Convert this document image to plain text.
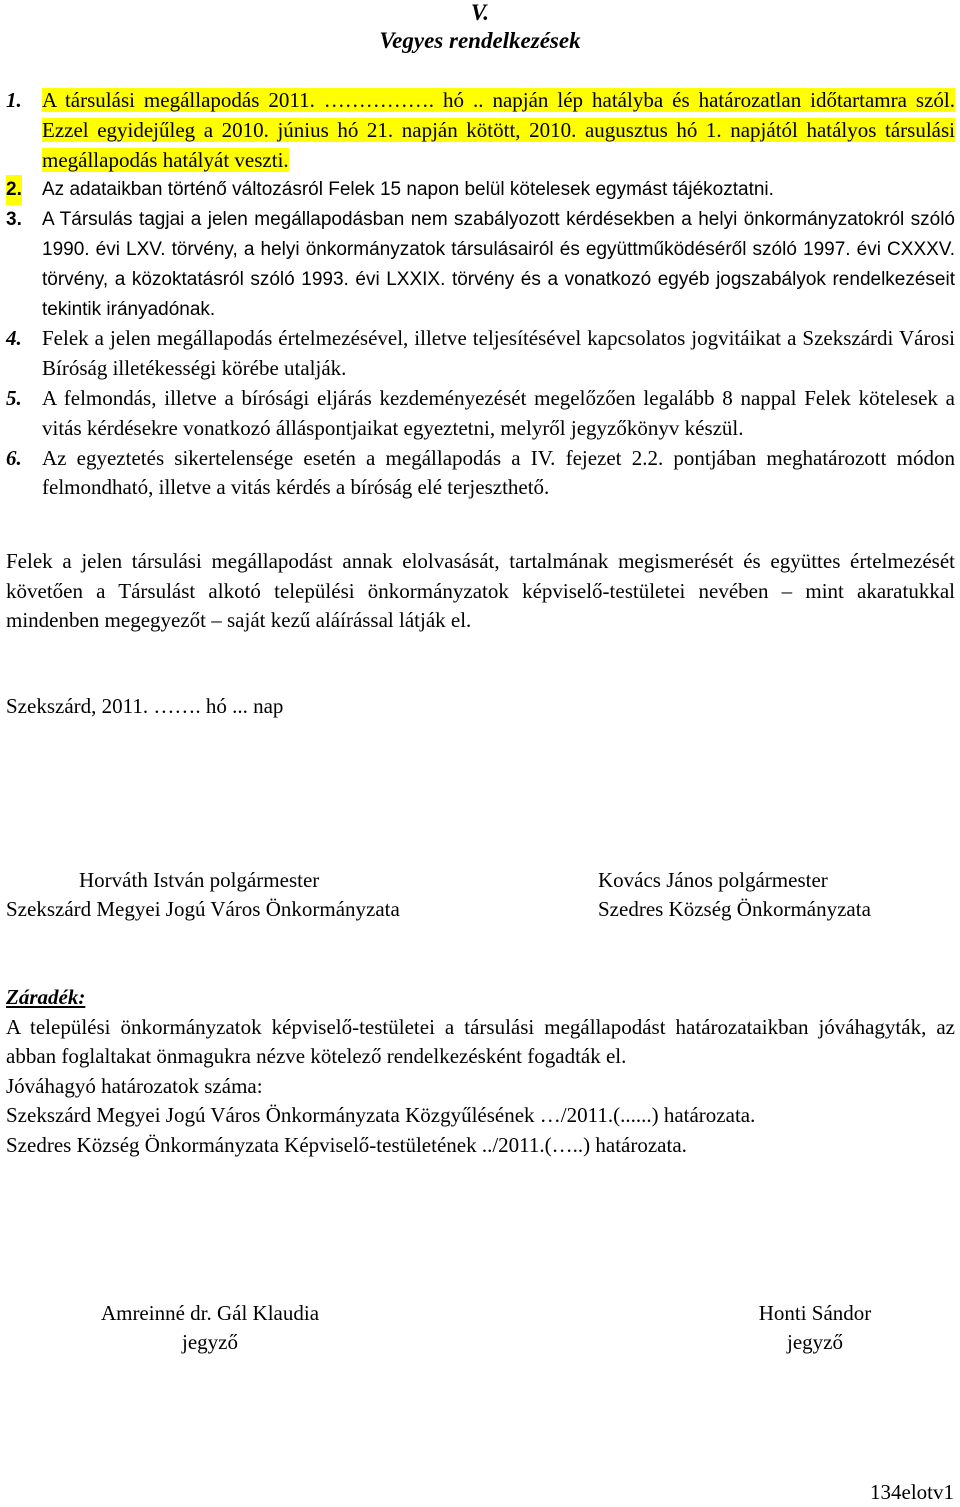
V.
Vegyes rendelkezések

1. A társulási megállapodás 2011. ……………. hó .. napján lép hatályba és határozatlan időtartamra szól. Ezzel egyidejűleg a 2010. június hó 21. napján kötött, 2010. augusztus hó 1. napjától hatályos társulási megállapodás hatályát veszti.

2. Az adataikban történő változásról Felek 15 napon belül kötelesek egymást tájékoztatni.

3. A Társulás tagjai a jelen megállapodásban nem szabályozott kérdésekben a helyi önkormányzatokról szóló 1990. évi LXV. törvény, a helyi önkormányzatok társulásairól és együttműködéséről szóló 1997. évi CXXXV. törvény, a közoktatásról szóló 1993. évi LXXIX. törvény és a vonatkozó egyéb jogszabályok rendelkezéseit tekintik irányadónak.

4. Felek a jelen megállapodás értelmezésével, illetve teljesítésével kapcsolatos jogvitáikat a Szekszárdi Városi Bíróság illetékességi körébe utalják.

5. A felmondás, illetve a bírósági eljárás kezdeményezését megelőzően legalább 8 nappal Felek kötelesek a vitás kérdésekre vonatkozó álláspontjaikat egyeztetni, melyről jegyzőkönyv készül.

6. Az egyeztetés sikertelensége esetén a megállapodás a IV. fejezet 2.2. pontjában meghatározott módon felmondható, illetve a vitás kérdés a bíróság elé terjeszthető.

Felek a jelen társulási megállapodást annak elolvasását, tartalmának megismerését és együttes értelmezését követően a Társulást alkotó települési önkormányzatok képviselő-testületei nevében – mint akaratukkal mindenben megegyezőt – saját kezű aláírással látják el.

Szekszárd, 2011. ……. hó ... nap

Horváth István polgármester
Szekszárd Megyei Jogú Város Önkormányzata
Kovács János polgármester
Szedres Község Önkormányzata
Záradék:
A települési önkormányzatok képviselő-testületei a társulási megállapodást határozataikban jóváhagyták, az abban foglaltakat önmagukra nézve kötelező rendelkezésként fogadták el.
Jóváhagyó határozatok száma:
Szekszárd Megyei Jogú Város Önkormányzata Közgyűlésének …/2011.(......) határozata.
Szedres Község Önkormányzata Képviselő-testületének ../2011.(…..) határozata.
Amreinné dr. Gál Klaudia
jegyző
Honti Sándor
jegyző
134elotv1
